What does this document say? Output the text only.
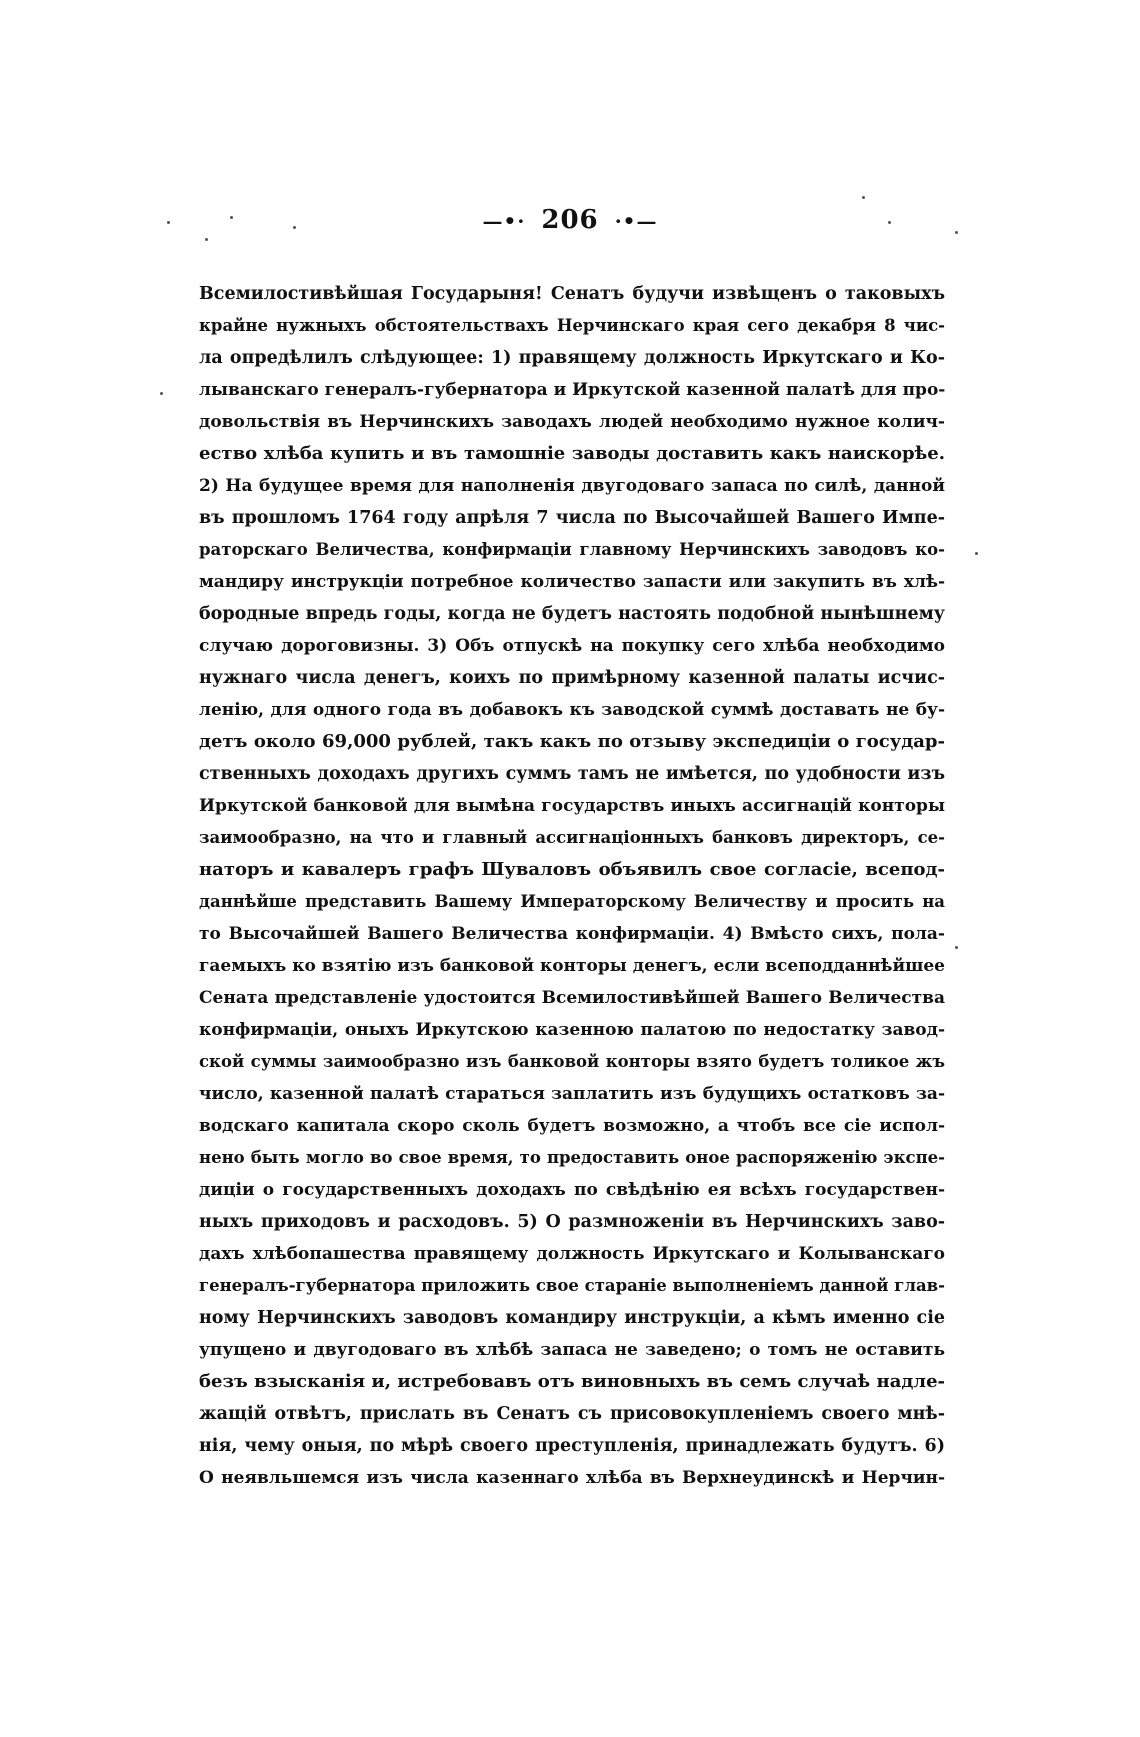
—•· 206 ·•—
Всемилостивѣйшая Государыня! Сенатъ будучи извѣщенъ о таковыхъ
крайне нужныхъ обстоятельствахъ Нерчинскаго края сего декабря 8 чис-
ла опредѣлилъ слѣдующее: 1) правящему должность Иркутскаго и Ко-
лыванскаго генералъ-губернатора и Иркутской казенной палатѣ для про-
довольствія въ Нерчинскихъ заводахъ людей необходимо нужное колич-
ество хлѣба купить и въ тамошніе заводы доставить какъ наискорѣе.
2) На будущее время для наполненія двугодоваго запаса по силѣ, данной
въ прошломъ 1764 году апрѣля 7 числа по Высочайшей Вашего Импе-
раторскаго Величества, конфирмаціи главному Нерчинскихъ заводовъ ко-
мандиру инструкціи потребное количество запасти или закупить въ хлѣ-
бородные впредь годы, когда не будетъ настоять подобной нынѣшнему
случаю дороговизны. 3) Объ отпускѣ на покупку сего хлѣба необходимо
нужнаго числа денегъ, коихъ по примѣрному казенной палаты исчис-
ленію, для одного года въ добавокъ къ заводской суммѣ доставать не бу-
детъ около 69,000 рублей, такъ какъ по отзыву экспедиціи о государ-
ственныхъ доходахъ другихъ суммъ тамъ не имѣется, по удобности изъ
Иркутской банковой для вымѣна государствъ иныхъ ассигнацій конторы
заимообразно, на что и главный ассигнаціонныхъ банковъ директоръ, се-
наторъ и кавалеръ графъ Шуваловъ объявилъ свое согласіе, всепод-
даннѣйше представить Вашему Императорскому Величеству и просить на
то Высочайшей Вашего Величества конфирмаціи. 4) Вмѣсто сихъ, пола-
гаемыхъ ко взятію изъ банковой конторы денегъ, если всеподданнѣйшее
Сената представленіе удостоится Всемилостивѣйшей Вашего Величества
конфирмаціи, оныхъ Иркутскою казенною палатою по недостатку завод-
ской суммы заимообразно изъ банковой конторы взято будетъ толикое жъ
число, казенной палатѣ стараться заплатить изъ будущихъ остатковъ за-
водскаго капитала скоро сколь будетъ возможно, а чтобъ все сіе испол-
нено быть могло во свое время, то предоставить оное распоряженію экспе-
диціи о государственныхъ доходахъ по свѣдѣнію ея всѣхъ государствен-
ныхъ приходовъ и расходовъ. 5) О размноженіи въ Нерчинскихъ заво-
дахъ хлѣбопашества правящему должность Иркутскаго и Колыванскаго
генералъ-губернатора приложить свое стараніе выполненіемъ данной глав-
ному Нерчинскихъ заводовъ командиру инструкціи, а кѣмъ именно сіе
упущено и двугодоваго въ хлѣбѣ запаса не заведено; о томъ не оставить
безъ взысканія и, истребовавъ отъ виновныхъ въ семъ случаѣ надле-
жащій отвѣтъ, прислать въ Сенатъ съ присовокупленіемъ своего мнѣ-
нія, чему оныя, по мѣрѣ своего преступленія, принадлежать будутъ. 6)
О неявльшемся изъ числа казеннаго хлѣба въ Верхнеудинскѣ и Нерчин-
